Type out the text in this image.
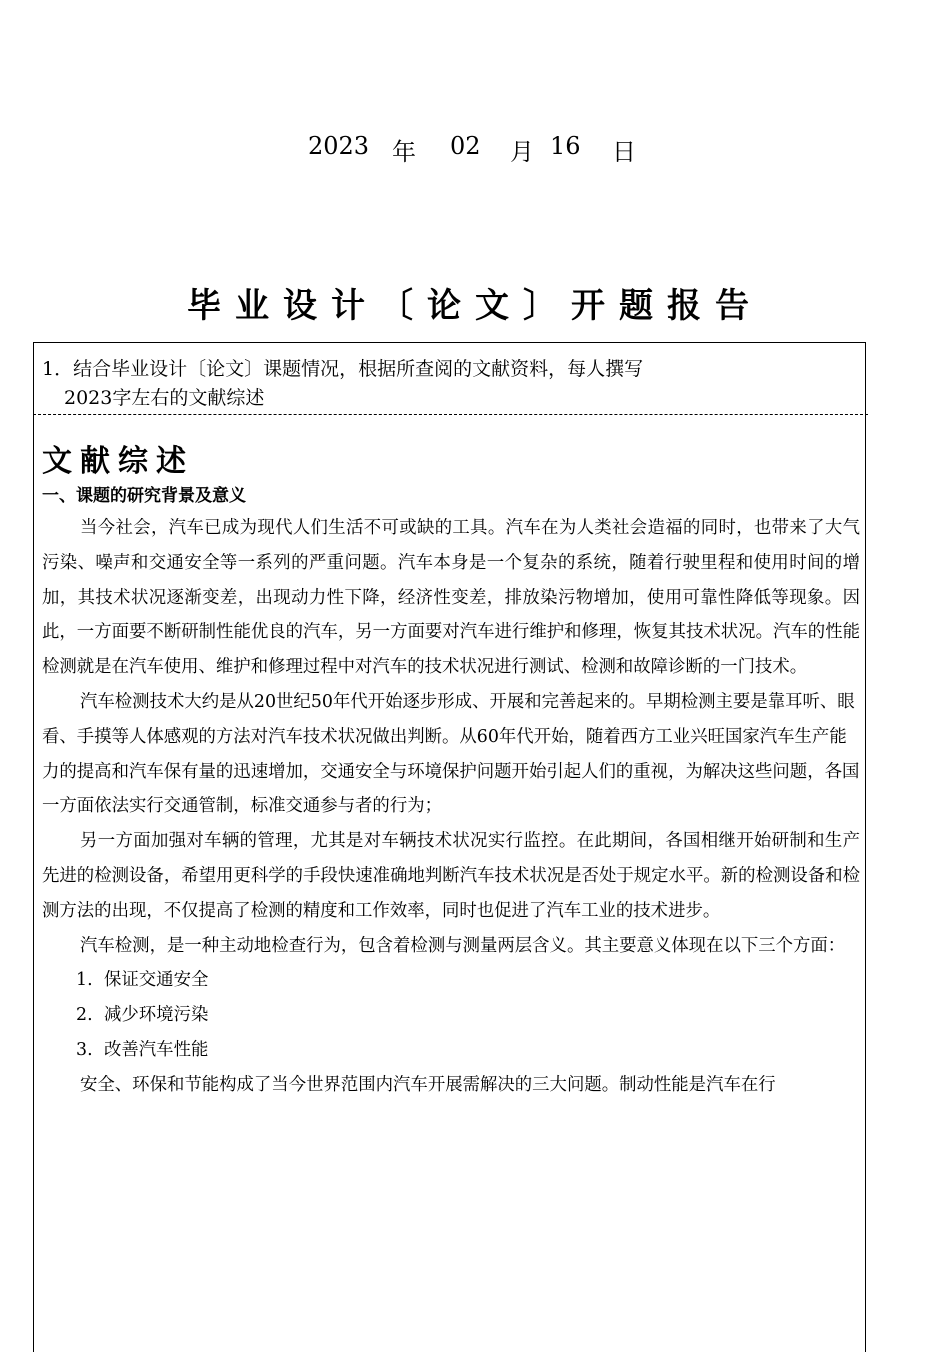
2023 年 02 月 16 日
毕业设计〔论文〕开题报告
1．结合毕业设计〔论文〕课题情况，根据所查阅的文献资料，每人撰写
2023字左右的文献综述
文献综述
一、课题的研究背景及意义

当今社会，汽车已成为现代人们生活不可或缺的工具。汽车在为人类社会造福的同时，也带来了大气污染、噪声和交通安全等一系列的严重问题。汽车本身是一个复杂的系统，随着行驶里程和使用时间的增加，其技术状况逐渐变差，出现动力性下降，经济性变差，排放染污物增加，使用可靠性降低等现象。因此，一方面要不断研制性能优良的汽车，另一方面要对汽车进行维护和修理，恢复其技术状况。汽车的性能检测就是在汽车使用、维护和修理过程中对汽车的技术状况进行测试、检测和故障诊断的一门技术。

汽车检测技术大约是从20世纪50年代开始逐步形成、开展和完善起来的。早期检测主要是靠耳听、眼看、手摸等人体感观的方法对汽车技术状况做出判断。从60年代开始，随着西方工业兴旺国家汽车生产能力的提高和汽车保有量的迅速增加，交通安全与环境保护问题开始引起人们的重视，为解决这些问题，各国一方面依法实行交通管制，标准交通参与者的行为；

另一方面加强对车辆的管理，尤其是对车辆技术状况实行监控。在此期间，各国相继开始研制和生产先进的检测设备，希望用更科学的手段快速准确地判断汽车技术状况是否处于规定水平。新的检测设备和检测方法的出现，不仅提高了检测的精度和工作效率，同时也促进了汽车工业的技术进步。

汽车检测，是一种主动地检查行为，包含着检测与测量两层含义。其主要意义体现在以下三个方面：

1. 保证交通安全
2. 减少环境污染
3. 改善汽车性能

安全、环保和节能构成了当今世界范围内汽车开展需解决的三大问题。制动性能是汽车在行
